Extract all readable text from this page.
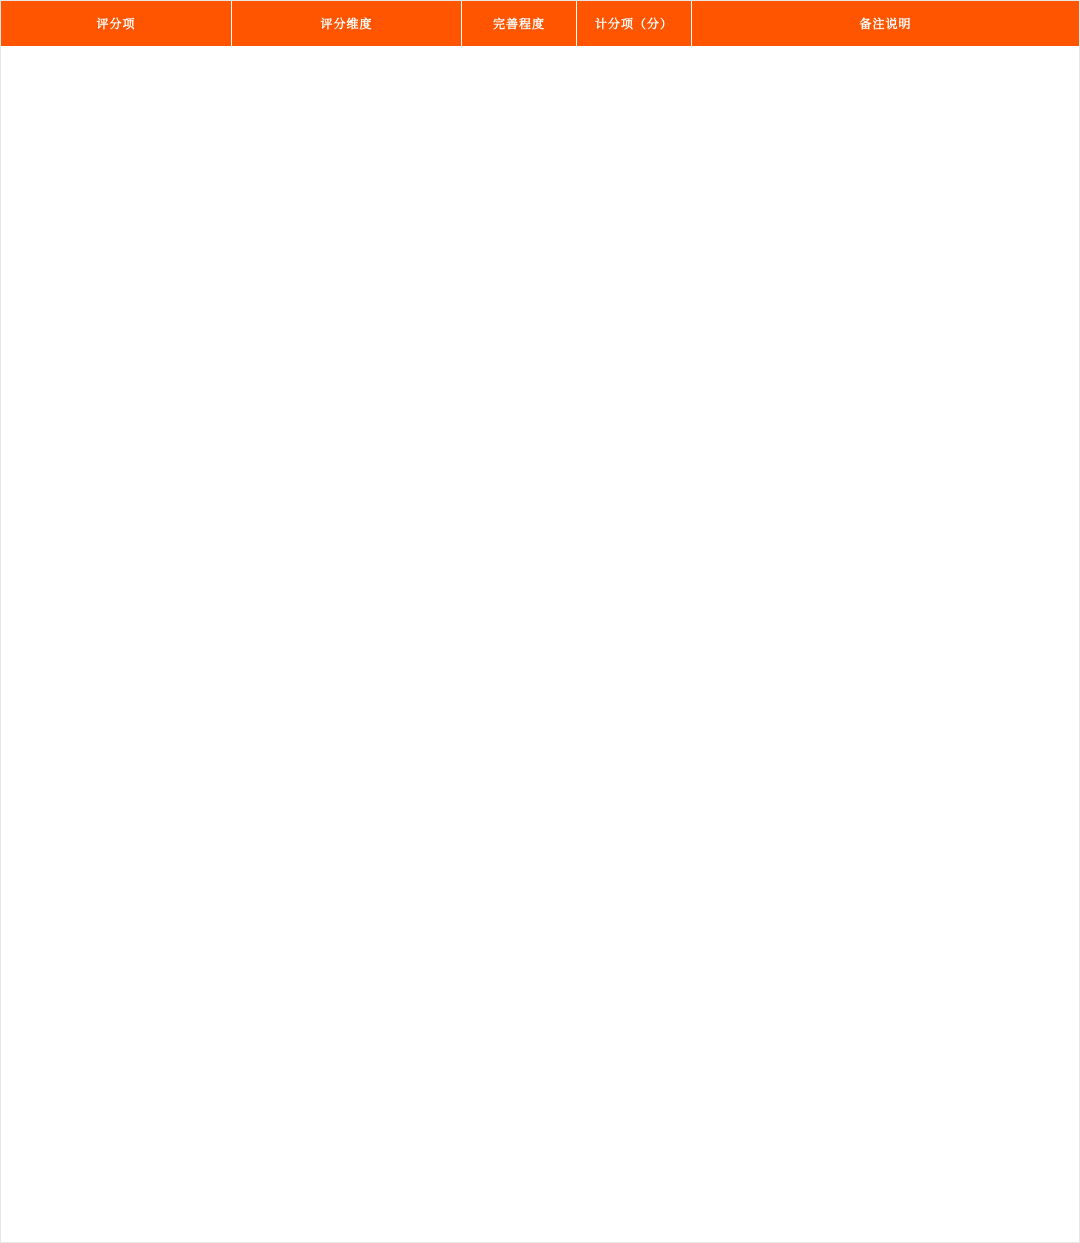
评分项	评分维度	完善程度	计分项（分）	备注说明
